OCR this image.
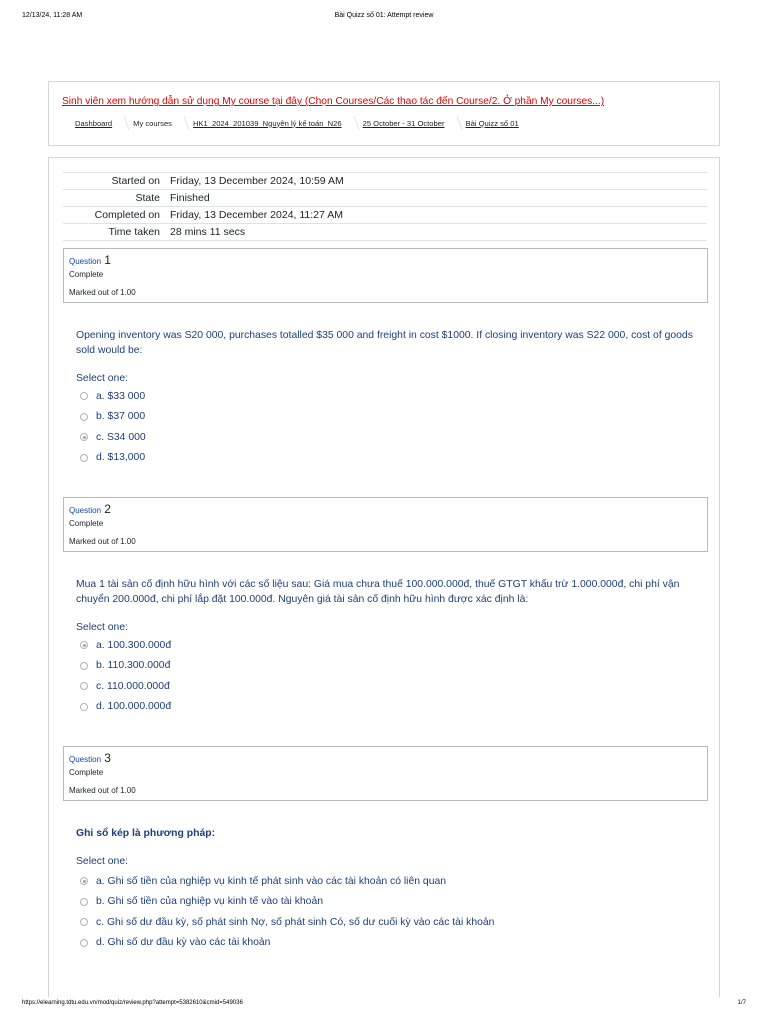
12/13/24, 11:28 AM	Bài Quizz số 01: Attempt review
Sinh viên xem hướng dẫn sử dụng My course tại đây (Chọn Courses/Các thao tác đến Course/2. Ở phần My courses...)
Dashboard	My courses	HK1_2024_201039_Nguyên lý kế toán_N26	25 October - 31 October	Bài Quizz số 01
Started on	Friday, 13 December 2024, 10:59 AM
State	Finished
Completed on	Friday, 13 December 2024, 11:27 AM
Time taken	28 mins 11 secs
Question 1
Complete
Marked out of 1.00
Opening inventory was S20 000, purchases totalled $35 000 and freight in cost $1000. If closing inventory was S22 000, cost of goods sold would be:
Select one:
a. $33 000
b. $37 000
c. S34 000
d. $13,000
Question 2
Complete
Marked out of 1.00
Mua 1 tài sản cố định hữu hình với các số liệu sau: Giá mua chưa thuế 100.000.000đ, thuế GTGT khấu trừ 1.000.000đ, chi phí vận chuyển 200.000đ, chi phí lắp đặt 100.000đ. Nguyên giá tài sản cố định hữu hình được xác định là:
Select one:
a. 100.300.000đ
b. 110.300.000đ
c. 110.000.000đ
d. 100.000.000đ
Question 3
Complete
Marked out of 1.00
Ghi sổ kép là phương pháp:
Select one:
a. Ghi số tiền của nghiệp vụ kinh tế phát sinh vào các tài khoản có liên quan
b. Ghi số tiền của nghiệp vụ kinh tế vào tài khoản
c. Ghi số dư đầu kỳ, số phát sinh Nợ, số phát sinh Có, số dư cuối kỳ vào các tài khoản
d. Ghi số dư đầu kỳ vào các tài khoản
https://elearning.tdtu.edu.vn/mod/quiz/review.php?attempt=5382610&cmid=549036	1/7
